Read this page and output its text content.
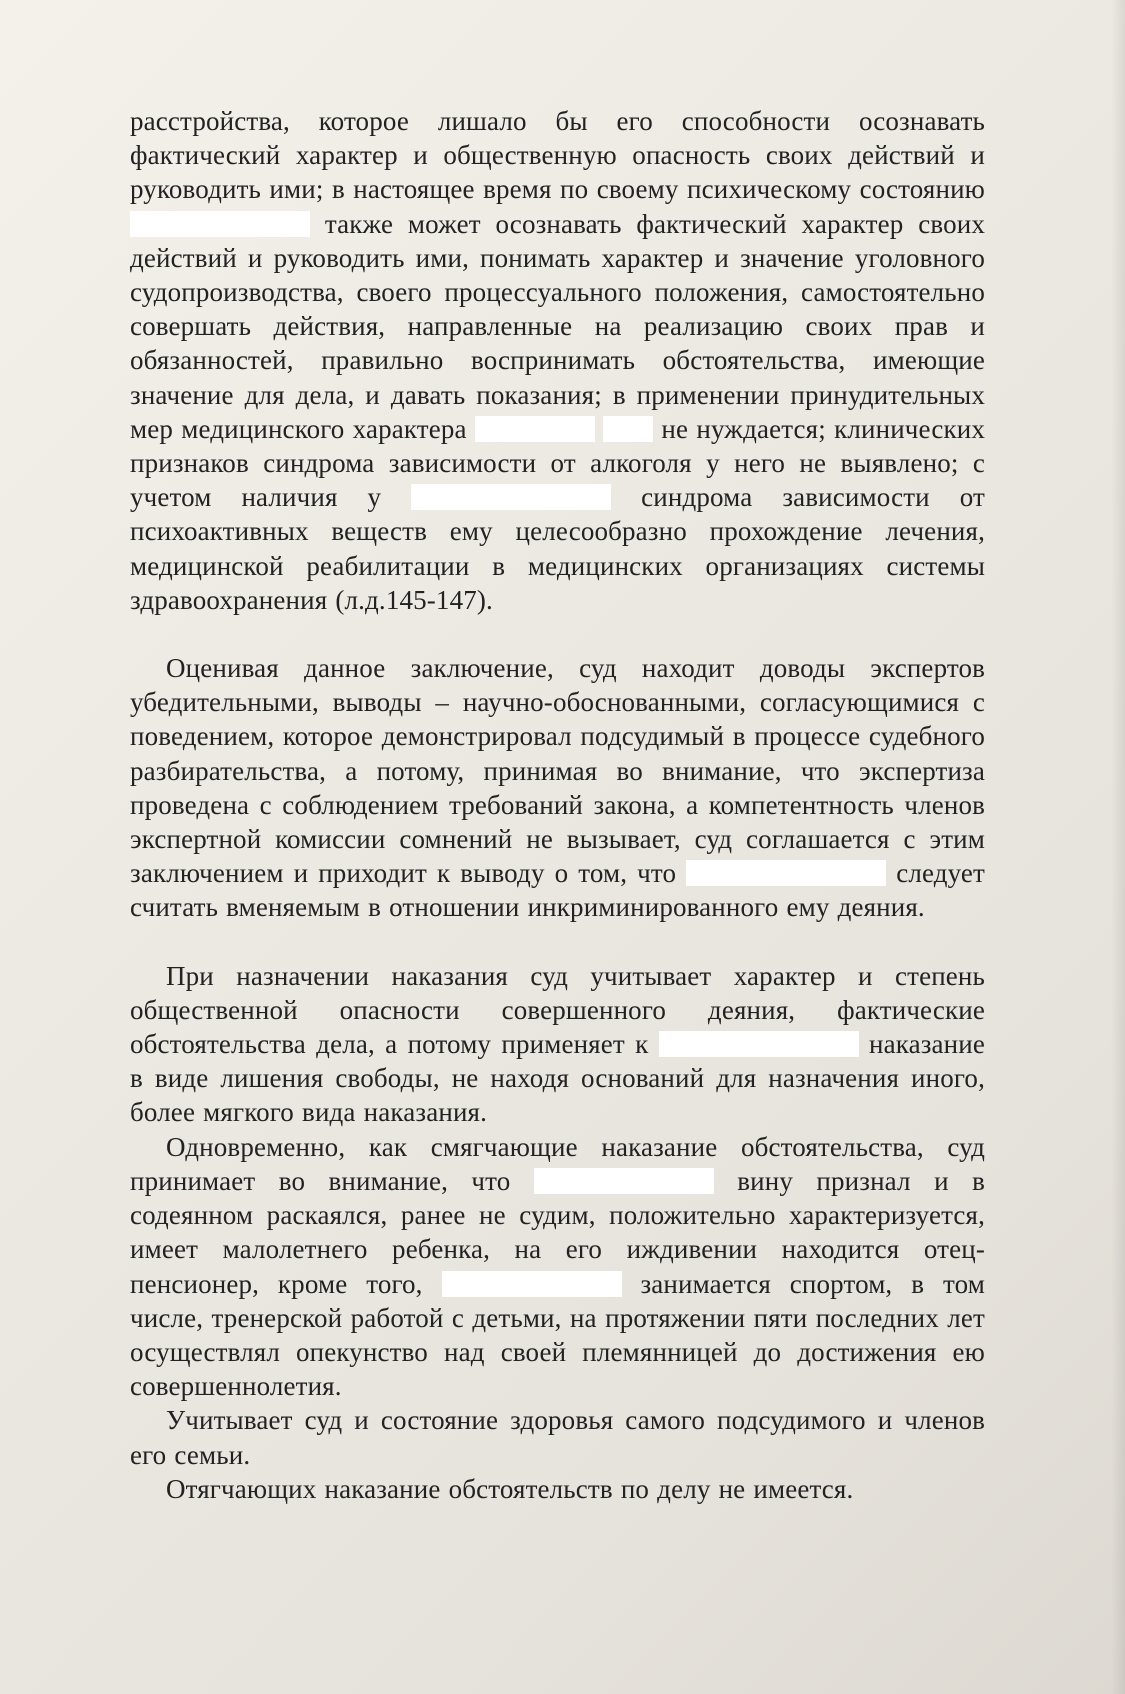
расстройства, которое лишало бы его способности осознавать фактический характер и общественную опасность своих действий и руководить ими; в настоящее время по своему психическому состоянию  также может осознавать фактический характер своих действий и руководить ими, понимать характер и значение уголовного судопроизводства, своего процессуального положения, самостоятельно совершать действия, направленные на реализацию своих прав и обязанностей, правильно воспринимать обстоятельства, имеющие значение для дела, и давать показания; в применении принудительных мер медицинского характера	не нуждается; клинических признаков синдрома зависимости от алкоголя у него не выявлено; с учетом наличия у	синдрома зависимости от психоактивных веществ ему целесообразно прохождение лечения, медицинской реабилитации в медицинских организациях системы здравоохранения (л.д.145-147).

Оценивая данное заключение, суд находит доводы экспертов убедительными, выводы – научно-обоснованными, согласующимися с поведением, которое демонстрировал подсудимый в процессе судебного разбирательства, а потому, принимая во внимание, что экспертиза проведена с соблюдением требований закона, а компетентность членов экспертной комиссии сомнений не вызывает, суд соглашается с этим заключением и приходит к выводу о том, что	следует считать вменяемым в отношении инкриминированного ему деяния.

При назначении наказания суд учитывает характер и степень общественной опасности совершенного деяния, фактические обстоятельства дела, а потому применяет к	наказание в виде лишения свободы, не находя оснований для назначения иного, более мягкого вида наказания.

Одновременно, как смягчающие наказание обстоятельства, суд принимает во внимание, что	вину признал и в содеянном раскаялся, ранее не судим, положительно характеризуется, имеет малолетнего ребенка, на его иждивении находится отец-пенсионер, кроме того,	занимается спортом, в том числе, тренерской работой с детьми, на протяжении пяти последних лет осуществлял опекунство над своей племянницей до достижения ею совершеннолетия.

Учитывает суд и состояние здоровья самого подсудимого и членов его семьи.

Отягчающих наказание обстоятельств по делу не имеется.
